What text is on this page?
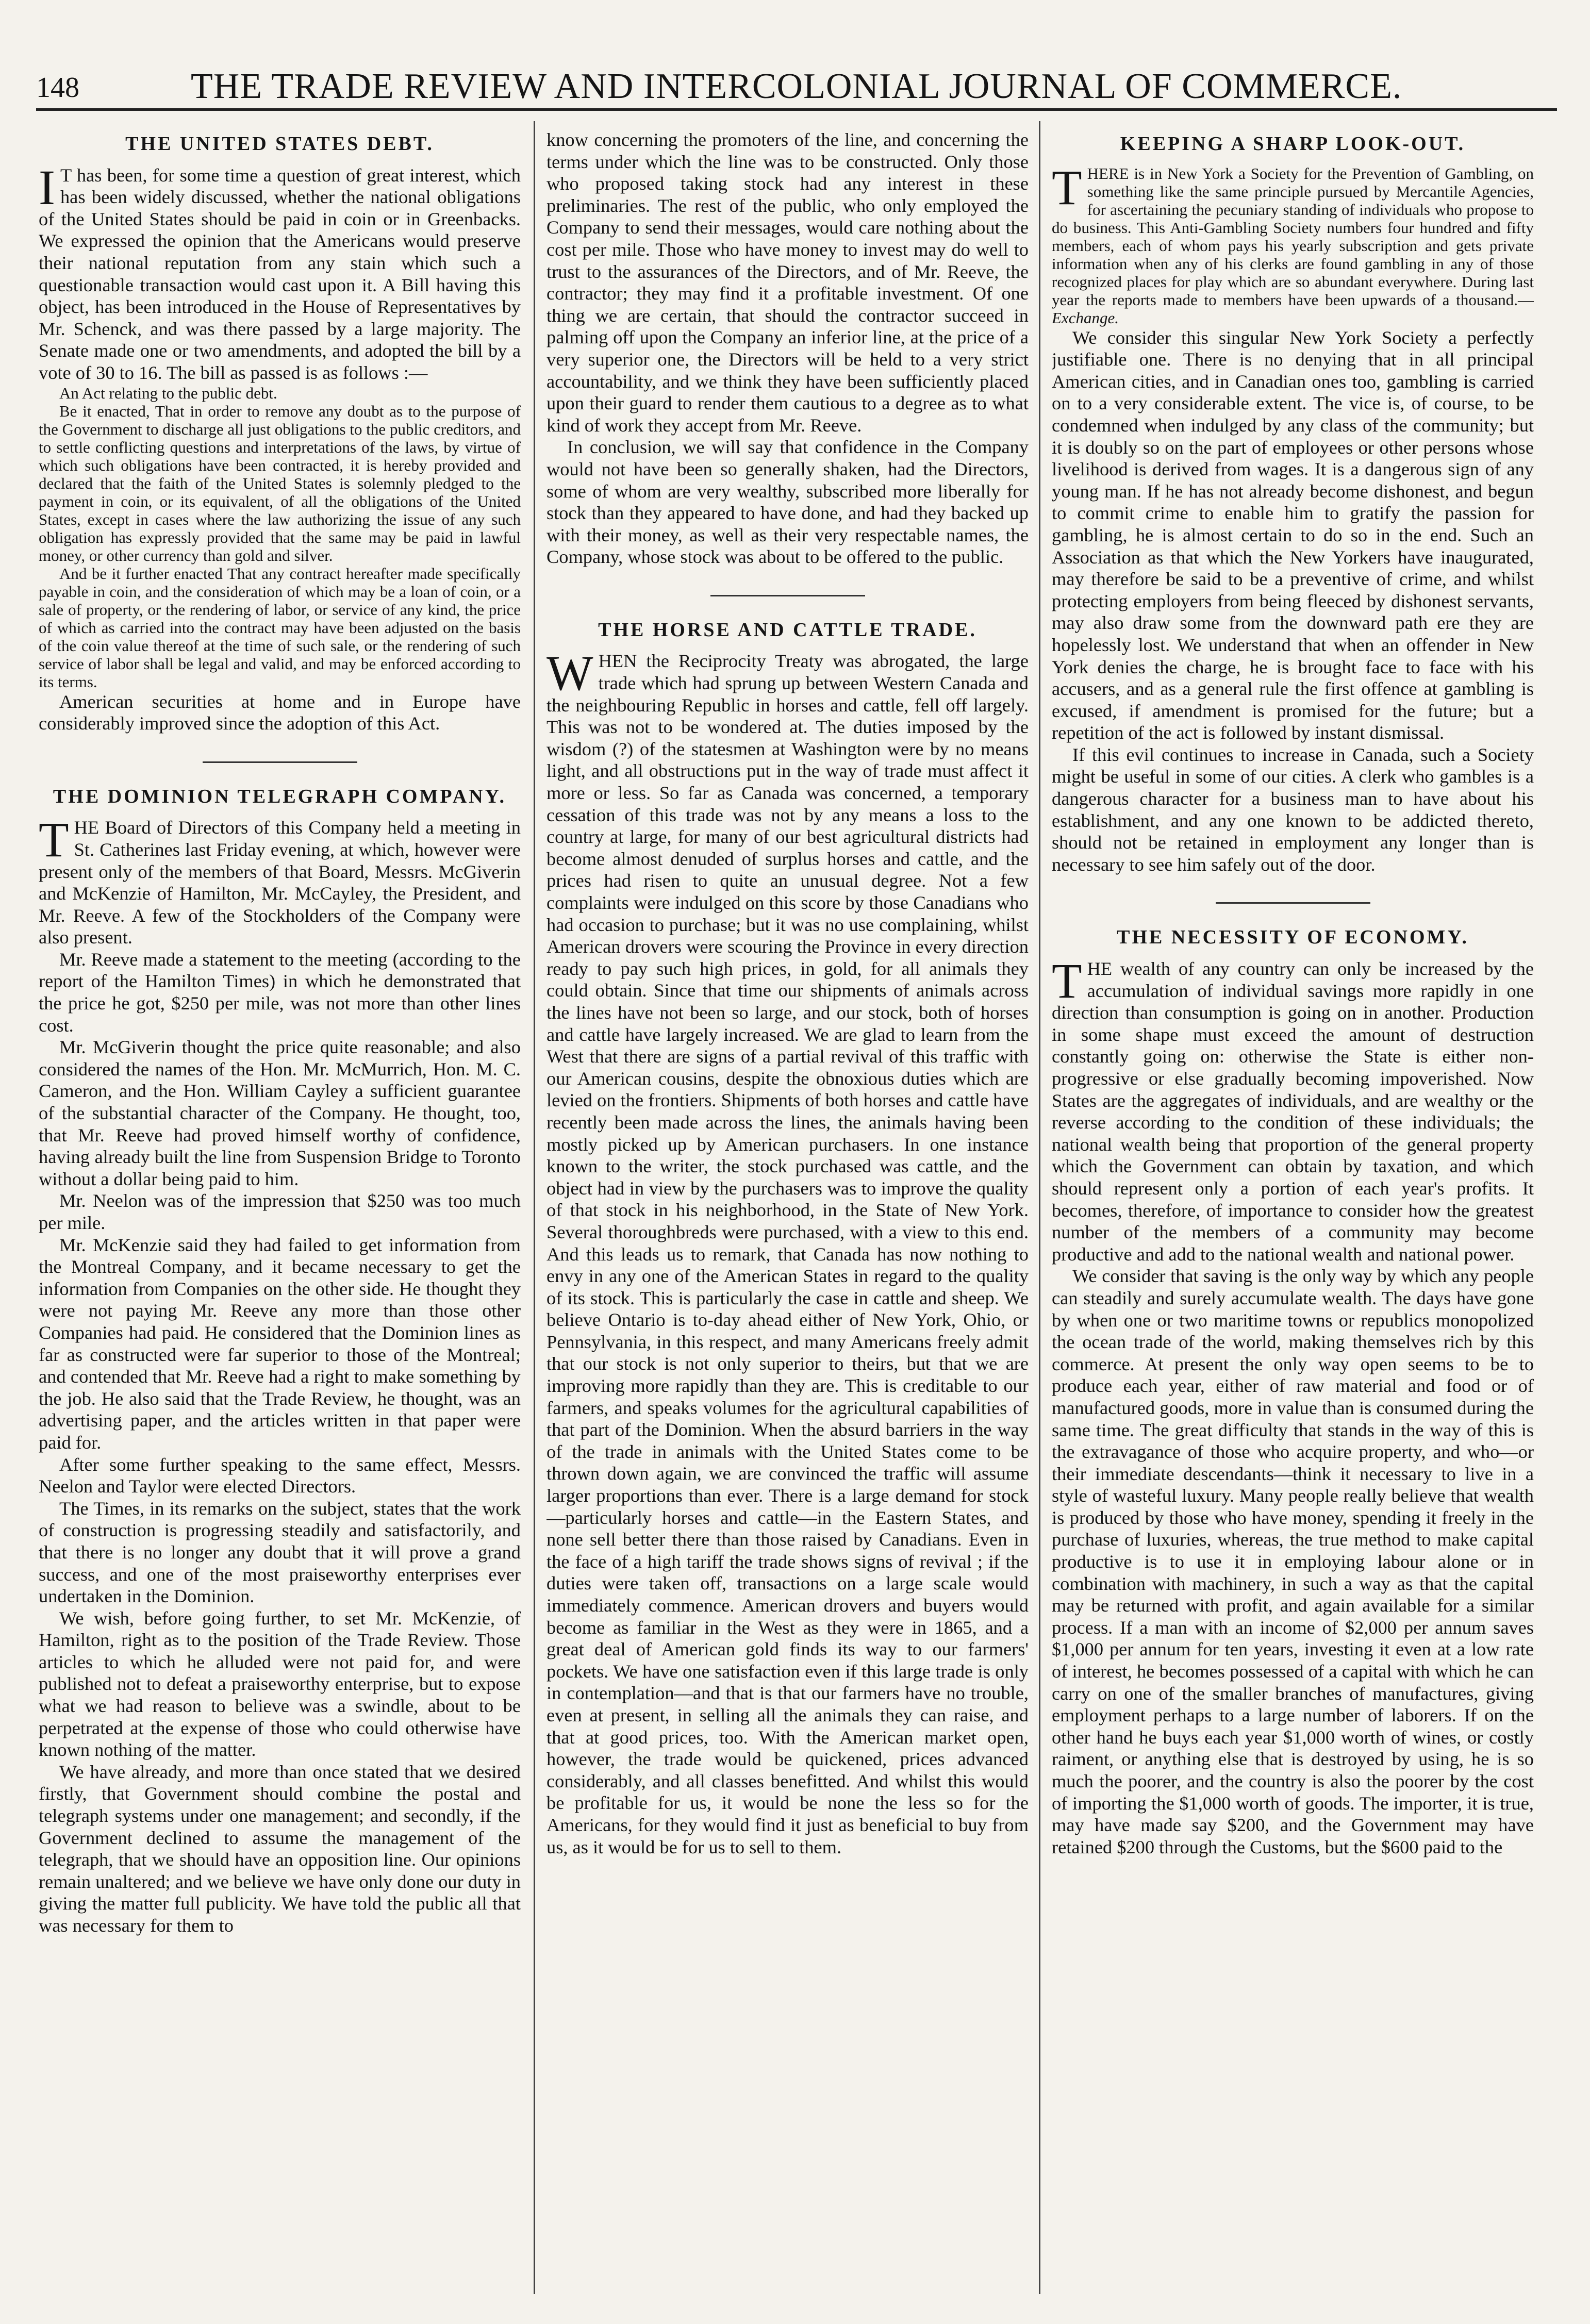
148	THE TRADE REVIEW AND INTERCOLONIAL JOURNAL OF COMMERCE.
THE UNITED STATES DEBT.

IT has been, for some time a question of great interest, which has been widely discussed, whether the national obligations of the United States should be paid in coin or in Greenbacks. We expressed the opinion that the Americans would preserve their national reputation from any stain which such a questionable transaction would cast upon it. A Bill having this object, has been introduced in the House of Representatives by Mr. Schenck, and was there passed by a large majority. The Senate made one or two amendments, and adopted the bill by a vote of 30 to 16. The bill as passed is as follows :—

An Act relating to the public debt.

Be it enacted, That in order to remove any doubt as to the purpose of the Government to discharge all just obligations to the public creditors, and to settle conflicting questions and interpretations of the laws, by virtue of which such obligations have been contracted, it is hereby provided and declared that the faith of the United States is solemnly pledged to the payment in coin, or its equivalent, of all the obligations of the United States, except in cases where the law authorizing the issue of any such obligation has expressly provided that the same may be paid in lawful money, or other currency than gold and silver.

And be it further enacted That any contract hereafter made specifically payable in coin, and the consideration of which may be a loan of coin, or a sale of property, or the rendering of labor, or service of any kind, the price of which as carried into the contract may have been adjusted on the basis of the coin value thereof at the time of such sale, or the rendering of such service of labor shall be legal and valid, and may be enforced according to its terms.

American securities at home and in Europe have considerably improved since the adoption of this Act.

THE DOMINION TELEGRAPH COMPANY.

THE Board of Directors of this Company held a meeting in St. Catherines last Friday evening, at which, however were present only of the members of that Board, Messrs. McGiverin and McKenzie of Hamilton, Mr. McCayley, the President, and Mr. Reeve. A few of the Stockholders of the Company were also present.

Mr. Reeve made a statement to the meeting (according to the report of the Hamilton Times) in which he demonstrated that the price he got, $250 per mile, was not more than other lines cost.

Mr. McGiverin thought the price quite reasonable; and also considered the names of the Hon. Mr. McMurrich, Hon. M. C. Cameron, and the Hon. William Cayley a sufficient guarantee of the substantial character of the Company. He thought, too, that Mr. Reeve had proved himself worthy of confidence, having already built the line from Suspension Bridge to Toronto without a dollar being paid to him.

Mr. Neelon was of the impression that $250 was too much per mile.

Mr. McKenzie said they had failed to get information from the Montreal Company, and it became necessary to get the information from Companies on the other side. He thought they were not paying Mr. Reeve any more than those other Companies had paid. He considered that the Dominion lines as far as constructed were far superior to those of the Montreal; and contended that Mr. Reeve had a right to make something by the job. He also said that the Trade Review, he thought, was an advertising paper, and the articles written in that paper were paid for.

After some further speaking to the same effect, Messrs. Neelon and Taylor were elected Directors.

The Times, in its remarks on the subject, states that the work of construction is progressing steadily and satisfactorily, and that there is no longer any doubt that it will prove a grand success, and one of the most praiseworthy enterprises ever undertaken in the Dominion.

We wish, before going further, to set Mr. McKenzie, of Hamilton, right as to the position of the Trade Review. Those articles to which he alluded were not paid for, and were published not to defeat a praiseworthy enterprise, but to expose what we had reason to believe was a swindle, about to be perpetrated at the expense of those who could otherwise have known nothing of the matter.

We have already, and more than once stated that we desired firstly, that Government should combine the postal and telegraph systems under one management; and secondly, if the Government declined to assume the management of the telegraph, that we should have an opposition line. Our opinions remain unaltered; and we believe we have only done our duty in giving the matter full publicity. We have told the public all that was necessary for them to

know concerning the promoters of the line, and concerning the terms under which the line was to be constructed. Only those who proposed taking stock had any interest in these preliminaries. The rest of the public, who only employed the Company to send their messages, would care nothing about the cost per mile. Those who have money to invest may do well to trust to the assurances of the Directors, and of Mr. Reeve, the contractor; they may find it a profitable investment. Of one thing we are certain, that should the contractor succeed in palming off upon the Company an inferior line, at the price of a very superior one, the Directors will be held to a very strict accountability, and we think they have been sufficiently placed upon their guard to render them cautious to a degree as to what kind of work they accept from Mr. Reeve.

In conclusion, we will say that confidence in the Company would not have been so generally shaken, had the Directors, some of whom are very wealthy, subscribed more liberally for stock than they appeared to have done, and had they backed up with their money, as well as their very respectable names, the Company, whose stock was about to be offered to the public.

THE HORSE AND CATTLE TRADE.

WHEN the Reciprocity Treaty was abrogated, the large trade which had sprung up between Western Canada and the neighbouring Republic in horses and cattle, fell off largely. This was not to be wondered at. The duties imposed by the wisdom (?) of the statesmen at Washington were by no means light, and all obstructions put in the way of trade must affect it more or less. So far as Canada was concerned, a temporary cessation of this trade was not by any means a loss to the country at large, for many of our best agricultural districts had become almost denuded of surplus horses and cattle, and the prices had risen to quite an unusual degree. Not a few complaints were indulged on this score by those Canadians who had occasion to purchase; but it was no use complaining, whilst American drovers were scouring the Province in every direction ready to pay such high prices, in gold, for all animals they could obtain. Since that time our shipments of animals across the lines have not been so large, and our stock, both of horses and cattle have largely increased. We are glad to learn from the West that there are signs of a partial revival of this traffic with our American cousins, despite the obnoxious duties which are levied on the frontiers. Shipments of both horses and cattle have recently been made across the lines, the animals having been mostly picked up by American purchasers. In one instance known to the writer, the stock purchased was cattle, and the object had in view by the purchasers was to improve the quality of that stock in his neighborhood, in the State of New York. Several thoroughbreds were purchased, with a view to this end. And this leads us to remark, that Canada has now nothing to envy in any one of the American States in regard to the quality of its stock. This is particularly the case in cattle and sheep. We believe Ontario is to-day ahead either of New York, Ohio, or Pennsylvania, in this respect, and many Americans freely admit that our stock is not only superior to theirs, but that we are improving more rapidly than they are. This is creditable to our farmers, and speaks volumes for the agricultural capabilities of that part of the Dominion. When the absurd barriers in the way of the trade in animals with the United States come to be thrown down again, we are convinced the traffic will assume larger proportions than ever. There is a large demand for stock—particularly horses and cattle—in the Eastern States, and none sell better there than those raised by Canadians. Even in the face of a high tariff the trade shows signs of revival ; if the duties were taken off, transactions on a large scale would immediately commence. American drovers and buyers would become as familiar in the West as they were in 1865, and a great deal of American gold finds its way to our farmers' pockets. We have one satisfaction even if this large trade is only in contemplation—and that is that our farmers have no trouble, even at present, in selling all the animals they can raise, and that at good prices, too. With the American market open, however, the trade would be quickened, prices advanced considerably, and all classes benefitted. And whilst this would be profitable for us, it would be none the less so for the Americans, for they would find it just as beneficial to buy from us, as it would be for us to sell to them.

KEEPING A SHARP LOOK-OUT.

THERE is in New York a Society for the Prevention of Gambling, on something like the same principle pursued by Mercantile Agencies, for ascertaining the pecuniary standing of individuals who propose to do business. This Anti-Gambling Society numbers four hundred and fifty members, each of whom pays his yearly subscription and gets private information when any of his clerks are found gambling in any of those recognized places for play which are so abundant everywhere. During last year the reports made to members have been upwards of a thousand.—Exchange.

We consider this singular New York Society a perfectly justifiable one. There is no denying that in all principal American cities, and in Canadian ones too, gambling is carried on to a very considerable extent. The vice is, of course, to be condemned when indulged by any class of the community; but it is doubly so on the part of employees or other persons whose livelihood is derived from wages. It is a dangerous sign of any young man. If he has not already become dishonest, and begun to commit crime to enable him to gratify the passion for gambling, he is almost certain to do so in the end. Such an Association as that which the New Yorkers have inaugurated, may therefore be said to be a preventive of crime, and whilst protecting employers from being fleeced by dishonest servants, may also draw some from the downward path ere they are hopelessly lost. We understand that when an offender in New York denies the charge, he is brought face to face with his accusers, and as a general rule the first offence at gambling is excused, if amendment is promised for the future; but a repetition of the act is followed by instant dismissal.

If this evil continues to increase in Canada, such a Society might be useful in some of our cities. A clerk who gambles is a dangerous character for a business man to have about his establishment, and any one known to be addicted thereto, should not be retained in employment any longer than is necessary to see him safely out of the door.

THE NECESSITY OF ECONOMY.

THE wealth of any country can only be increased by the accumulation of individual savings more rapidly in one direction than consumption is going on in another. Production in some shape must exceed the amount of destruction constantly going on: otherwise the State is either non-progressive or else gradually becoming impoverished. Now States are the aggregates of individuals, and are wealthy or the reverse according to the condition of these individuals; the national wealth being that proportion of the general property which the Government can obtain by taxation, and which should represent only a portion of each year's profits. It becomes, therefore, of importance to consider how the greatest number of the members of a community may become productive and add to the national wealth and national power.

We consider that saving is the only way by which any people can steadily and surely accumulate wealth. The days have gone by when one or two maritime towns or republics monopolized the ocean trade of the world, making themselves rich by this commerce. At present the only way open seems to be to produce each year, either of raw material and food or of manufactured goods, more in value than is consumed during the same time. The great difficulty that stands in the way of this is the extravagance of those who acquire property, and who—or their immediate descendants—think it necessary to live in a style of wasteful luxury. Many people really believe that wealth is produced by those who have money, spending it freely in the purchase of luxuries, whereas, the true method to make capital productive is to use it in employing labour alone or in combination with machinery, in such a way as that the capital may be returned with profit, and again available for a similar process. If a man with an income of $2,000 per annum saves $1,000 per annum for ten years, investing it even at a low rate of interest, he becomes possessed of a capital with which he can carry on one of the smaller branches of manufactures, giving employment perhaps to a large number of laborers. If on the other hand he buys each year $1,000 worth of wines, or costly raiment, or anything else that is destroyed by using, he is so much the poorer, and the country is also the poorer by the cost of importing the $1,000 worth of goods. The importer, it is true, may have made say $200, and the Government may have retained $200 through the Customs, but the $600 paid to the
